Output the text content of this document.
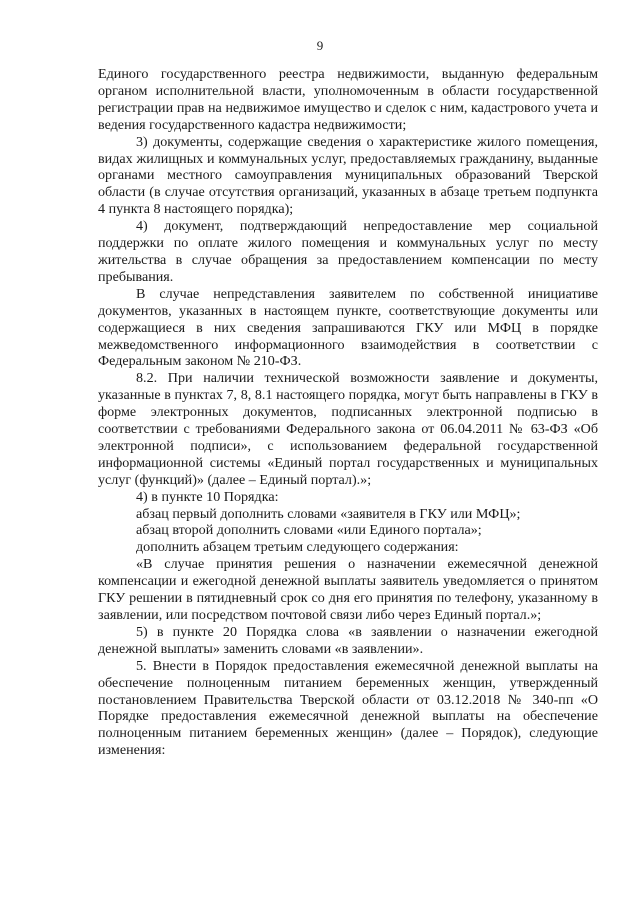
9

Единого государственного реестра недвижимости, выданную федеральным органом исполнительной власти, уполномоченным в области государственной регистрации прав на недвижимое имущество и сделок с ним, кадастрового учета и ведения государственного кадастра недвижимости;

3) документы, содержащие сведения о характеристике жилого помещения, видах жилищных и коммунальных услуг, предоставляемых гражданину, выданные органами местного самоуправления муниципальных образований Тверской области (в случае отсутствия организаций, указанных в абзаце третьем подпункта 4 пункта 8 настоящего порядка);

4) документ, подтверждающий непредоставление мер социальной поддержки по оплате жилого помещения и коммунальных услуг по месту жительства в случае обращения за предоставлением компенсации по месту пребывания.

В случае непредставления заявителем по собственной инициативе документов, указанных в настоящем пункте, соответствующие документы или содержащиеся в них сведения запрашиваются ГКУ или МФЦ в порядке межведомственного информационного взаимодействия в соответствии с Федеральным законом № 210-ФЗ.

8.2. При наличии технической возможности заявление и документы, указанные в пунктах 7, 8, 8.1 настоящего порядка, могут быть направлены в ГКУ в форме электронных документов, подписанных электронной подписью в соответствии с требованиями Федерального закона от 06.04.2011 № 63-ФЗ «Об электронной подписи», с использованием федеральной государственной информационной системы «Единый портал государственных и муниципальных услуг (функций)» (далее – Единый портал).»;

4) в пункте 10 Порядка:

абзац первый дополнить словами «заявителя в ГКУ или МФЦ»;

абзац второй дополнить словами «или Единого портала»;

дополнить абзацем третьим следующего содержания:

«В случае принятия решения о назначении ежемесячной денежной компенсации и ежегодной денежной выплаты заявитель уведомляется о принятом ГКУ решении в пятидневный срок со дня его принятия по телефону, указанному в заявлении, или посредством почтовой связи либо через Единый портал.»;

5) в пункте 20 Порядка слова «в заявлении о назначении ежегодной денежной выплаты» заменить словами «в заявлении».

5. Внести в Порядок предоставления ежемесячной денежной выплаты на обеспечение полноценным питанием беременных женщин, утвержденный постановлением Правительства Тверской области от 03.12.2018 № 340-пп «О Порядке предоставления ежемесячной денежной выплаты на обеспечение полноценным питанием беременных женщин» (далее – Порядок), следующие изменения:
